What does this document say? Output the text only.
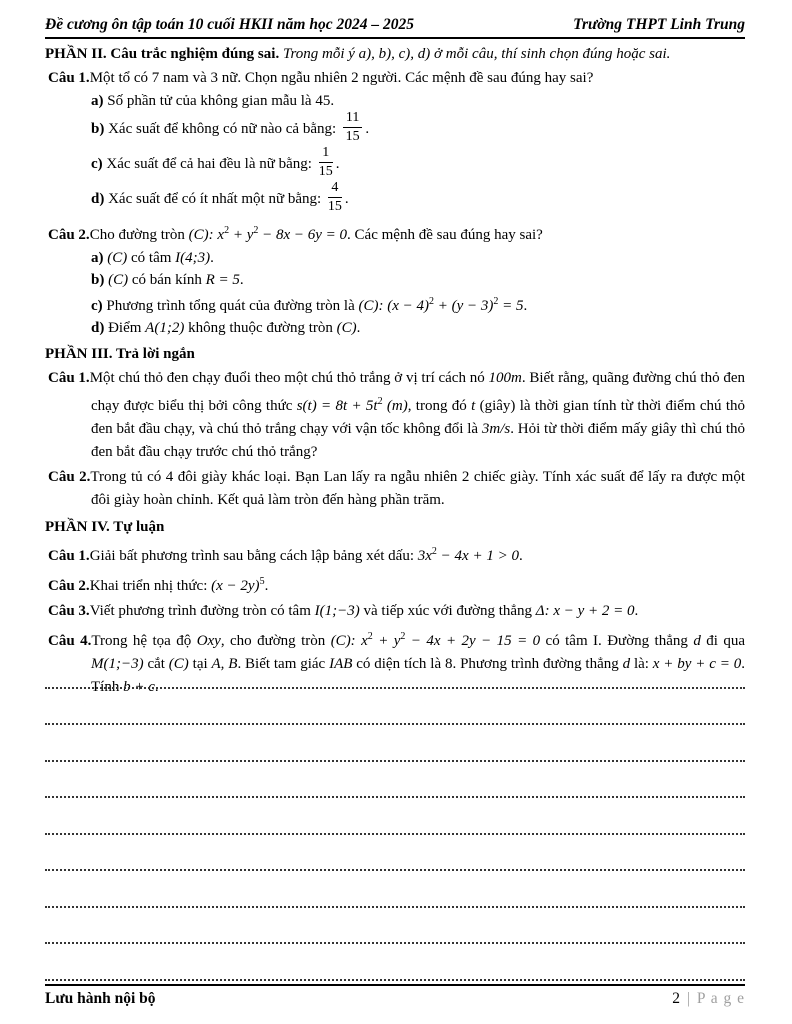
Đề cương ôn tập toán 10 cuối HKII năm học 2024 – 2025	Trường THPT Linh Trung
PHẦN II. Câu trắc nghiệm đúng sai. Trong mỗi ý a), b), c), d) ở mỗi câu, thí sinh chọn đúng hoặc sai.
Câu 1.Một tổ có 7 nam và 3 nữ. Chọn ngẫu nhiên 2 người. Các mệnh đề sau đúng hay sai?
a) Số phần tử của không gian mẫu là 45.
b) Xác suất để không có nữ nào cả bằng: $\frac{11}{15}$ .
c) Xác suất để cả hai đều là nữ bằng: $\frac{1}{15}$ .
d) Xác suất để có ít nhất một nữ bằng: $\frac{4}{15}$ .
Câu 2.Cho đường tròn (C): $x^2 + y^2 - 8x - 6y = 0$. Các mệnh đề sau đúng hay sai?
a) (C) có tâm I(4;3).
b) (C) có bán kính R = 5.
c) Phương trình tổng quát của đường tròn là (C): $(x - 4)^2 + (y - 3)^2 = 5$.
d) Điểm A(1;2) không thuộc đường tròn (C).
PHẦN III. Trả lời ngắn
Câu 1.Một chú thỏ đen chạy đuổi theo một chú thỏ trắng ở vị trí cách nó 100m. Biết rằng, quãng đường chú thỏ đen chạy được biểu thị bởi công thức $s(t) = 8t + 5t^2$ (m), trong đó t (giây) là thời gian tính từ thời điểm chú thỏ đen bắt đầu chạy, và chú thỏ trắng chạy với vận tốc không đổi là 3m/s. Hỏi từ thời điểm mấy giây thì chú thỏ đen bắt đầu chạy trước chú thỏ trắng?
Câu 2.Trong tủ có 4 đôi giày khác loại. Bạn Lan lấy ra ngẫu nhiên 2 chiếc giày. Tính xác suất để lấy ra được một đôi giày hoàn chỉnh. Kết quả làm tròn đến hàng phần trăm.
PHẦN IV. Tự luận
Câu 1.Giải bất phương trình sau bằng cách lập bảng xét dấu: $3x^2 - 4x + 1 > 0$.
Câu 2.Khai triển nhị thức: $(x - 2y)^5$.
Câu 3.Viết phương trình đường tròn có tâm I(1;−3) và tiếp xúc với đường thẳng Δ: x − y + 2 = 0.
Câu 4.Trong hệ tọa độ Oxy, cho đường tròn (C): $x^2 + y^2 - 4x + 2y - 15 = 0$ có tâm I. Đường thẳng d đi qua M(1;−3) cắt (C) tại A, B. Biết tam giác IAB có diện tích là 8. Phương trình đường thẳng d là: x + by + c = 0. Tính b + c.
Lưu hành nội bộ	2 | P a g e
